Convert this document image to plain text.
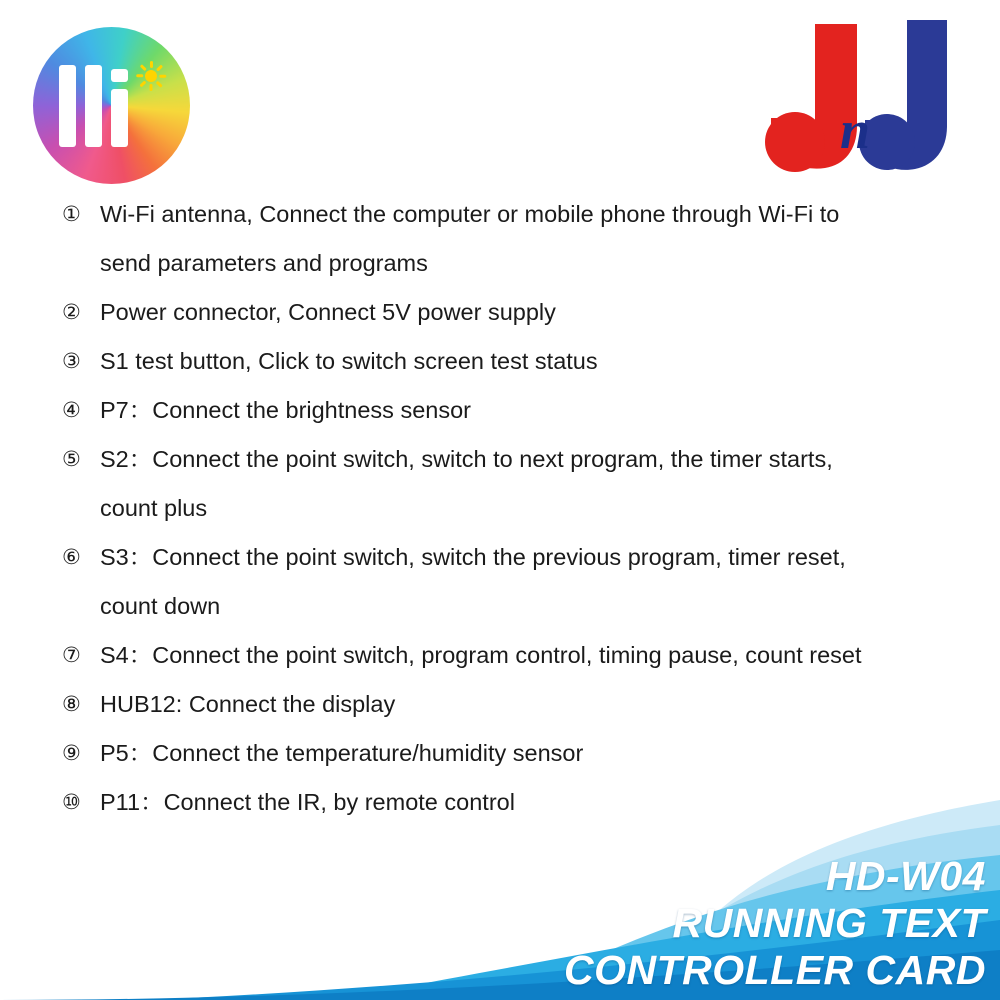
n
① Wi-Fi antenna, Connect the computer or mobile phone through Wi-Fi to send parameters and programs
② Power connector, Connect 5V power supply
③ S1 test button, Click to switch screen test status
④ P7：Connect the brightness sensor
⑤ S2：Connect the point switch, switch to next program, the timer starts, count plus
⑥ S3：Connect the point switch, switch the previous program, timer reset, count down
⑦ S4：Connect the point switch, program control, timing pause, count reset
⑧ HUB12: Connect the display
⑨ P5：Connect the temperature/humidity sensor
⑩ P11：Connect the IR, by remote control
HD-W04
RUNNING TEXT
CONTROLLER CARD
